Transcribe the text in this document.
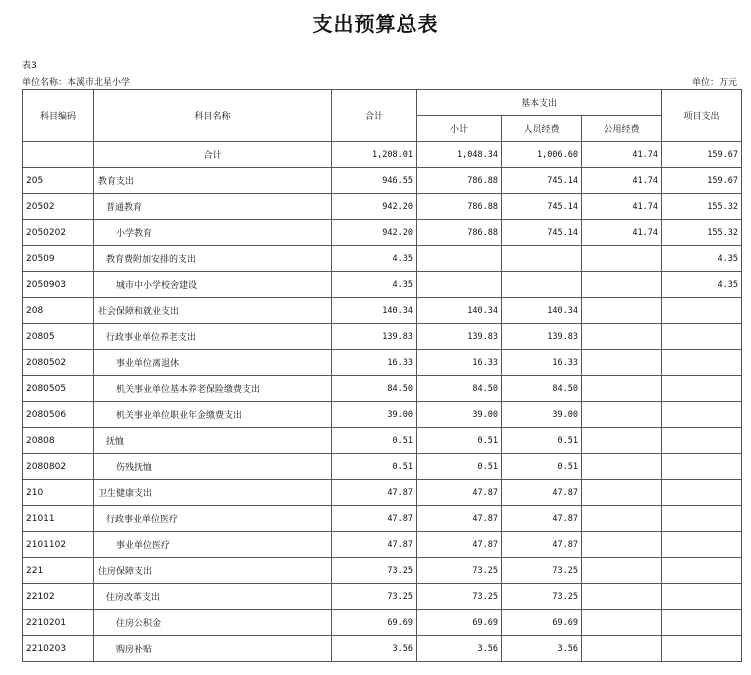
支出预算总表
表3
单位名称：本溪市北星小学	单位：万元
科目编码	科目名称	合计	基本支出			项目支出
			小计	人员经费	公用经费	
	合计	1,208.01	1,048.34	1,006.60	41.74	159.67
205	教育支出	946.55	786.88	745.14	41.74	159.67
20502	普通教育	942.20	786.88	745.14	41.74	155.32
2050202	小学教育	942.20	786.88	745.14	41.74	155.32
20509	教育费附加安排的支出	4.35				4.35
2050903	城市中小学校舍建设	4.35				4.35
208	社会保障和就业支出	140.34	140.34	140.34		
20805	行政事业单位养老支出	139.83	139.83	139.83		
2080502	事业单位离退休	16.33	16.33	16.33		
2080505	机关事业单位基本养老保险缴费支出	84.50	84.50	84.50		
2080506	机关事业单位职业年金缴费支出	39.00	39.00	39.00		
20808	抚恤	0.51	0.51	0.51		
2080802	伤残抚恤	0.51	0.51	0.51		
210	卫生健康支出	47.87	47.87	47.87		
21011	行政事业单位医疗	47.87	47.87	47.87		
2101102	事业单位医疗	47.87	47.87	47.87		
221	住房保障支出	73.25	73.25	73.25		
22102	住房改革支出	73.25	73.25	73.25		
2210201	住房公积金	69.69	69.69	69.69		
2210203	购房补贴	3.56	3.56	3.56		
